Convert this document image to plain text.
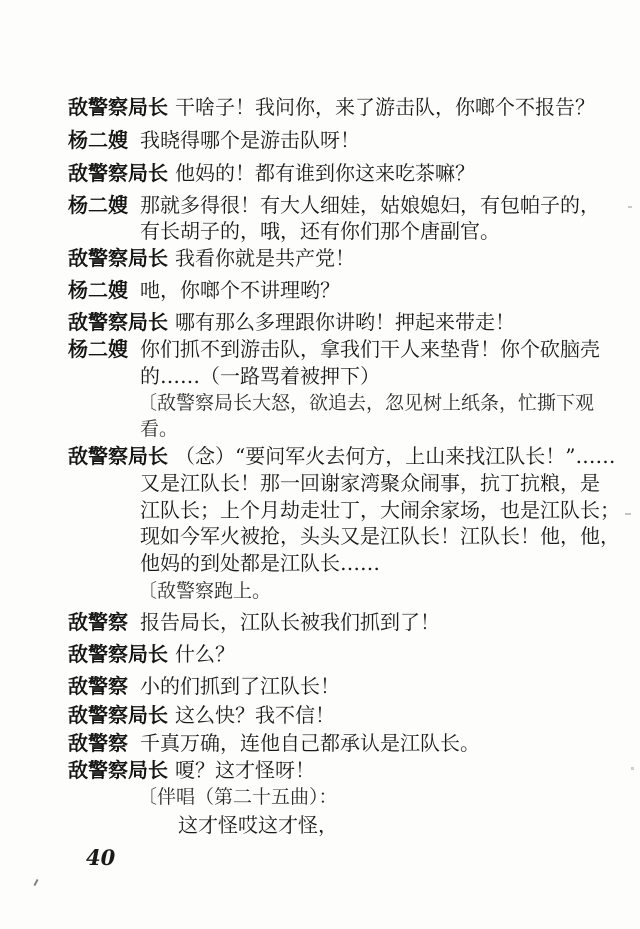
敌警察局长 干啥子！我问你，来了游击队，你啷个不报告？
杨二嫂 我晓得哪个是游击队呀！
敌警察局长 他妈的！都有谁到你这来吃茶嘛？
杨二嫂 那就多得很！有大人细娃，姑娘媳妇，有包帕子的，
有长胡子的，哦，还有你们那个唐副官。
敌警察局长 我看你就是共产党！
杨二嫂 吔，你啷个不讲理哟？
敌警察局长 哪有那么多理跟你讲哟！押起来带走！
杨二嫂 你们抓不到游击队，拿我们干人来垫背！你个砍脑壳
的……（一路骂着被押下）
〔敌警察局长大怒，欲追去，忽见树上纸条，忙撕下观
看。
敌警察局长 （念）“要问军火去何方，上山来找江队长！”……
又是江队长！那一回谢家湾聚众闹事，抗丁抗粮，是
江队长；上个月劫走壮丁，大闹余家场，也是江队长；
现如今军火被抢，头头又是江队长！江队长！他，他，
他妈的到处都是江队长……
〔敌警察跑上。
敌警察 报告局长，江队长被我们抓到了！
敌警察局长 什么？
敌警察 小的们抓到了江队长！
敌警察局长 这么快？我不信！
敌警察 千真万确，连他自己都承认是江队长。
敌警察局长 嗄？这才怪呀！
〔伴唱（第二十五曲）：
这才怪哎这才怪，
40
